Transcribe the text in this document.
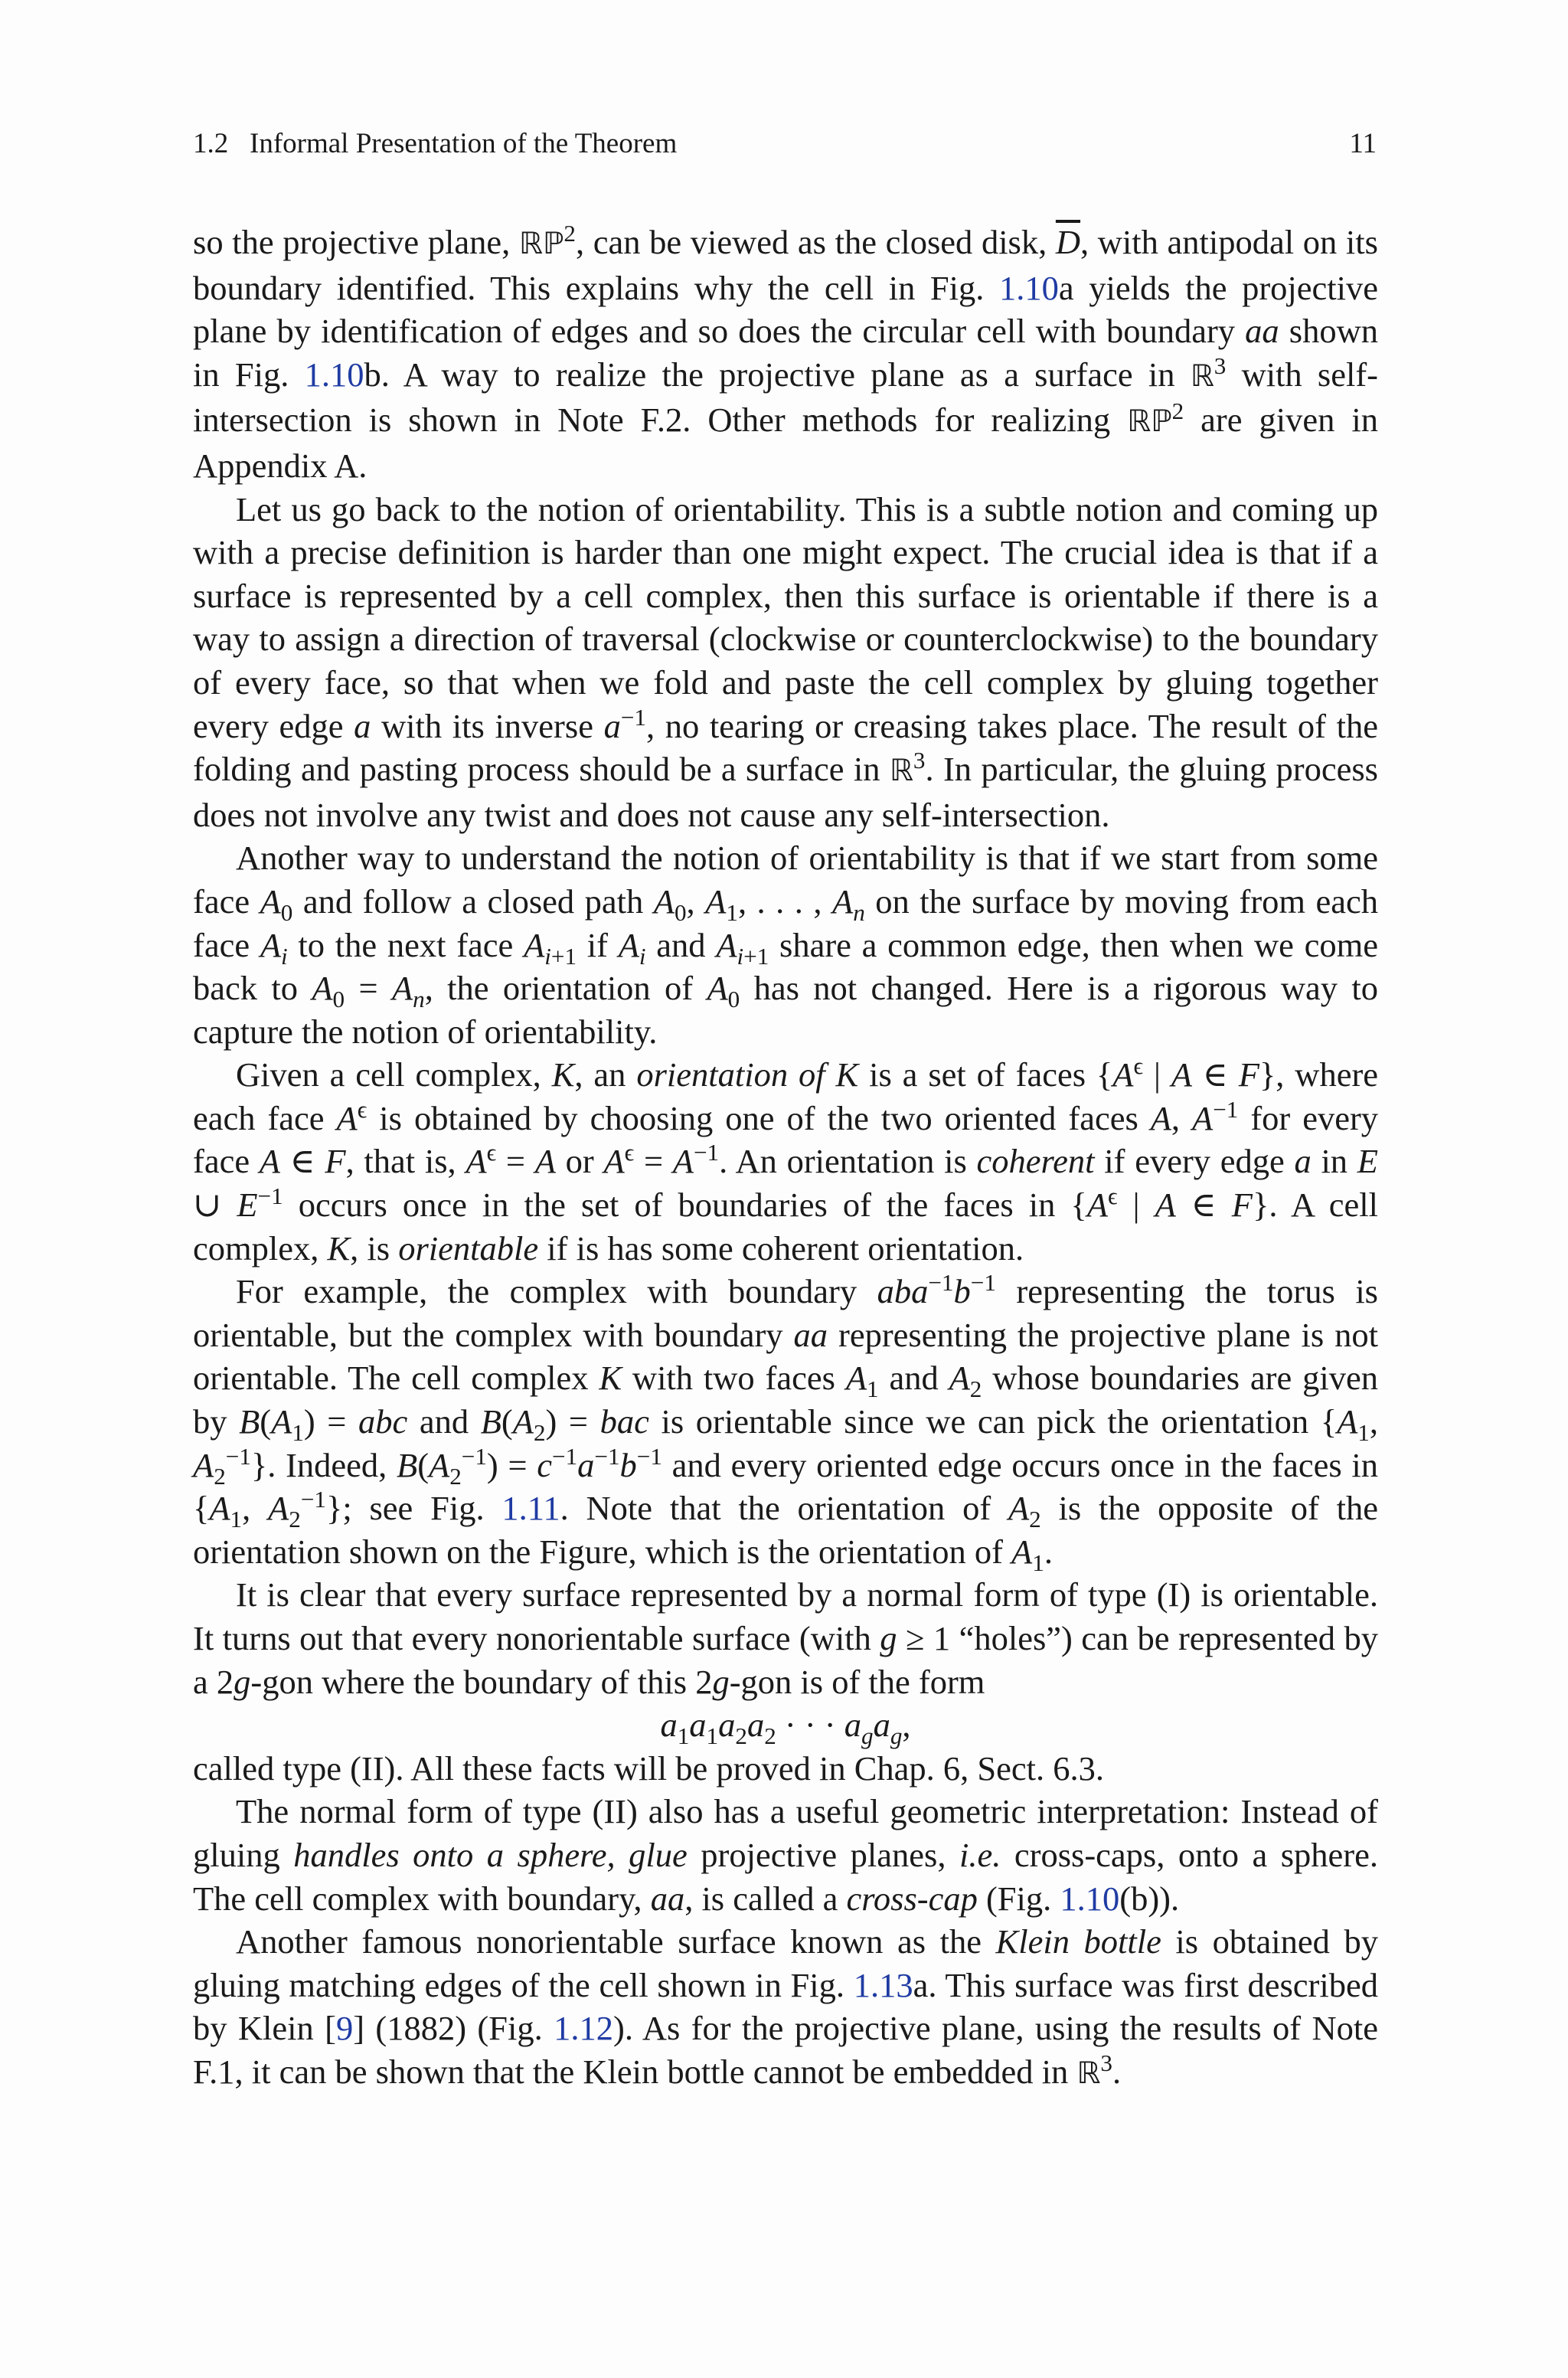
1.2   Informal Presentation of the Theorem	11

so the projective plane, ℝℙ$^2$, can be viewed as the closed disk, $\overline{D}$, with antipodal on its boundary identified. This explains why the cell in Fig. 1.10a yields the projective plane by identification of edges and so does the circular cell with boundary aa shown in Fig. 1.10b. A way to realize the projective plane as a surface in ℝ$^3$ with self-intersection is shown in Note F.2. Other methods for realizing ℝℙ$^2$ are given in Appendix A.

Let us go back to the notion of orientability. This is a subtle notion and coming up with a precise definition is harder than one might expect. The crucial idea is that if a surface is represented by a cell complex, then this surface is orientable if there is a way to assign a direction of traversal (clockwise or counterclockwise) to the boundary of every face, so that when we fold and paste the cell complex by gluing together every edge a with its inverse $a^{-1}$, no tearing or creasing takes place. The result of the folding and pasting process should be a surface in ℝ$^3$. In particular, the gluing process does not involve any twist and does not cause any self-intersection.

Another way to understand the notion of orientability is that if we start from some face $A_0$ and follow a closed path $A_0$, $A_1$, . . . , $A_n$ on the surface by moving from each face $A_i$ to the next face $A_{i+1}$ if $A_i$ and $A_{i+1}$ share a common edge, then when we come back to $A_0 = A_n$, the orientation of $A_0$ has not changed. Here is a rigorous way to capture the notion of orientability.

Given a cell complex, K, an orientation of K is a set of faces {$A^\epsilon$ | A ∈ F}, where each face $A^\epsilon$ is obtained by choosing one of the two oriented faces A, $A^{-1}$ for every face A ∈ F, that is, $A^\epsilon = A$ or $A^\epsilon = A^{-1}$. An orientation is coherent if every edge a in E ∪ $E^{-1}$ occurs once in the set of boundaries of the faces in {$A^\epsilon$ | A ∈ F}. A cell complex, K, is orientable if is has some coherent orientation.

For example, the complex with boundary $aba^{-1}b^{-1}$ representing the torus is orientable, but the complex with boundary aa representing the projective plane is not orientable. The cell complex K with two faces $A_1$ and $A_2$ whose boundaries are given by $B(A_1)$ = abc and $B(A_2)$ = bac is orientable since we can pick the orientation {$A_1$, $A_2^{-1}$}. Indeed, $B(A_2^{-1}) = c^{-1}a^{-1}b^{-1}$ and every oriented edge occurs once in the faces in {$A_1$, $A_2^{-1}$}; see Fig. 1.11. Note that the orientation of $A_2$ is the opposite of the orientation shown on the Figure, which is the orientation of $A_1$.

It is clear that every surface represented by a normal form of type (I) is orientable. It turns out that every nonorientable surface (with g ≥ 1 “holes”) can be represented by a 2g-gon where the boundary of this 2g-gon is of the form

$a_1a_1a_2a_2$ · · · $a_ga_g$,

called type (II). All these facts will be proved in Chap. 6, Sect. 6.3.

The normal form of type (II) also has a useful geometric interpretation: Instead of gluing handles onto a sphere, glue projective planes, i.e. cross-caps, onto a sphere. The cell complex with boundary, aa, is called a cross-cap (Fig. 1.10(b)).

Another famous nonorientable surface known as the Klein bottle is obtained by gluing matching edges of the cell shown in Fig. 1.13a. This surface was first described by Klein [9] (1882) (Fig. 1.12). As for the projective plane, using the results of Note F.1, it can be shown that the Klein bottle cannot be embedded in ℝ$^3$.
